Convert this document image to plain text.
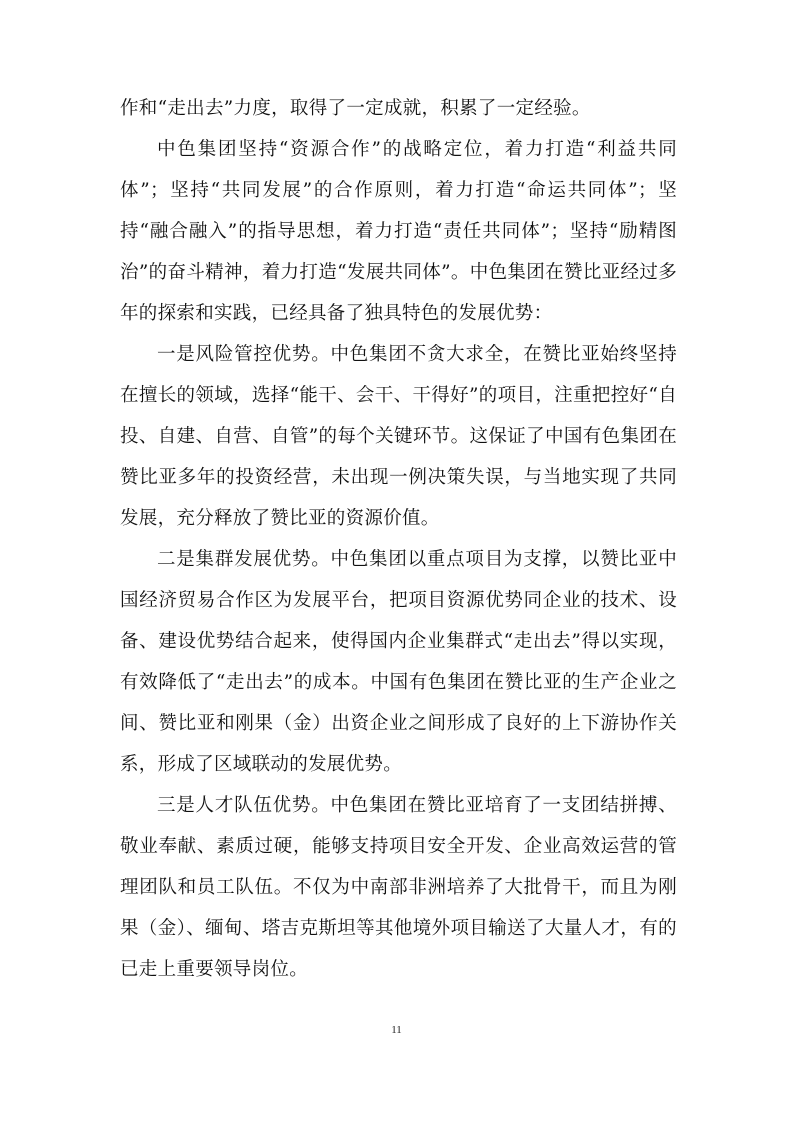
作和“走出去”力度，取得了一定成就，积累了一定经验。

中色集团坚持“资源合作”的战略定位，着力打造“利益共同体”；坚持“共同发展”的合作原则，着力打造“命运共同体”；坚持“融合融入”的指导思想，着力打造“责任共同体”；坚持“励精图治”的奋斗精神，着力打造“发展共同体”。中色集团在赞比亚经过多年的探索和实践，已经具备了独具特色的发展优势：

一是风险管控优势。中色集团不贪大求全，在赞比亚始终坚持在擅长的领域，选择“能干、会干、干得好”的项目，注重把控好“自投、自建、自营、自管”的每个关键环节。这保证了中国有色集团在赞比亚多年的投资经营，未出现一例决策失误，与当地实现了共同发展，充分释放了赞比亚的资源价值。

二是集群发展优势。中色集团以重点项目为支撑，以赞比亚中国经济贸易合作区为发展平台，把项目资源优势同企业的技术、设备、建设优势结合起来，使得国内企业集群式“走出去”得以实现，有效降低了“走出去”的成本。中国有色集团在赞比亚的生产企业之间、赞比亚和刚果（金）出资企业之间形成了良好的上下游协作关系，形成了区域联动的发展优势。

三是人才队伍优势。中色集团在赞比亚培育了一支团结拼搏、敬业奉献、素质过硬，能够支持项目安全开发、企业高效运营的管理团队和员工队伍。不仅为中南部非洲培养了大批骨干，而且为刚果（金）、缅甸、塔吉克斯坦等其他境外项目输送了大量人才，有的已走上重要领导岗位。

11
